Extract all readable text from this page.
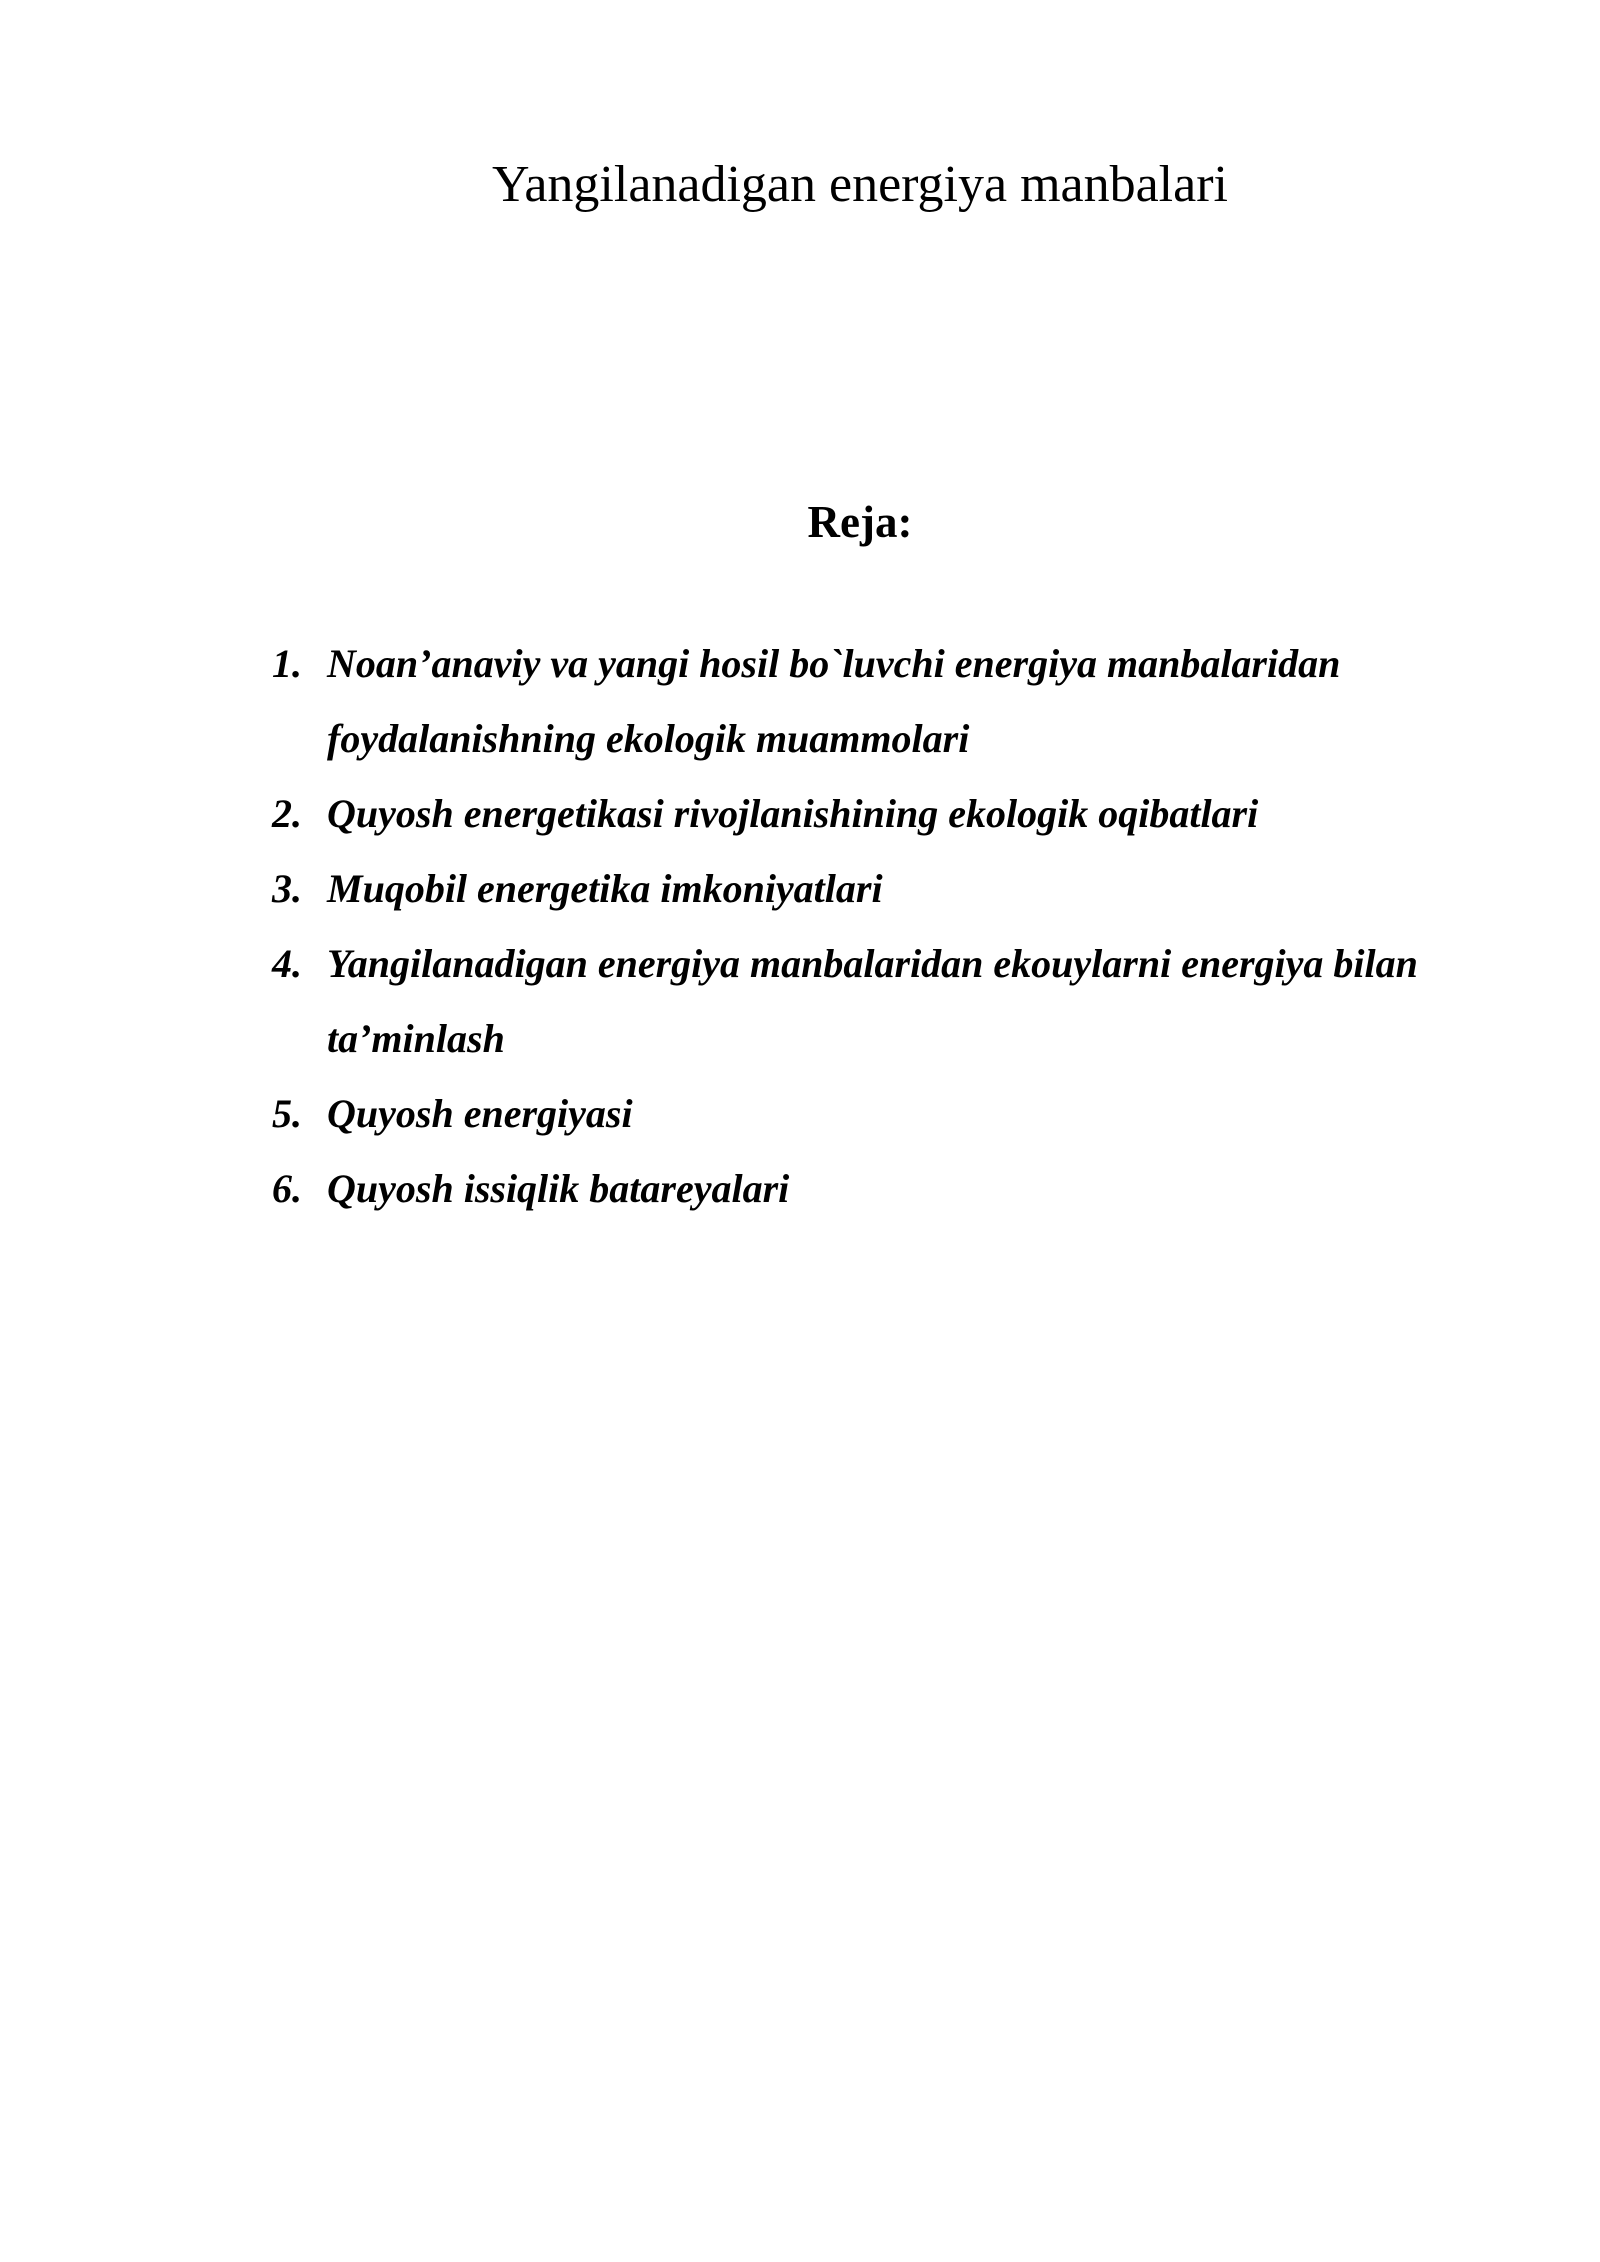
Yangilanadigan energiya manbalari
Reja:
1. Noan’anaviy va yangi hosil bo`luvchi energiya manbalaridan foydalanishning ekologik muammolari
2. Quyosh energetikasi rivojlanishining ekologik oqibatlari
3. Muqobil energetika imkoniyatlari
4. Yangilanadigan energiya manbalaridan ekouylarni energiya bilan ta’minlash
5. Quyosh energiyasi
6. Quyosh issiqlik batareyalari
